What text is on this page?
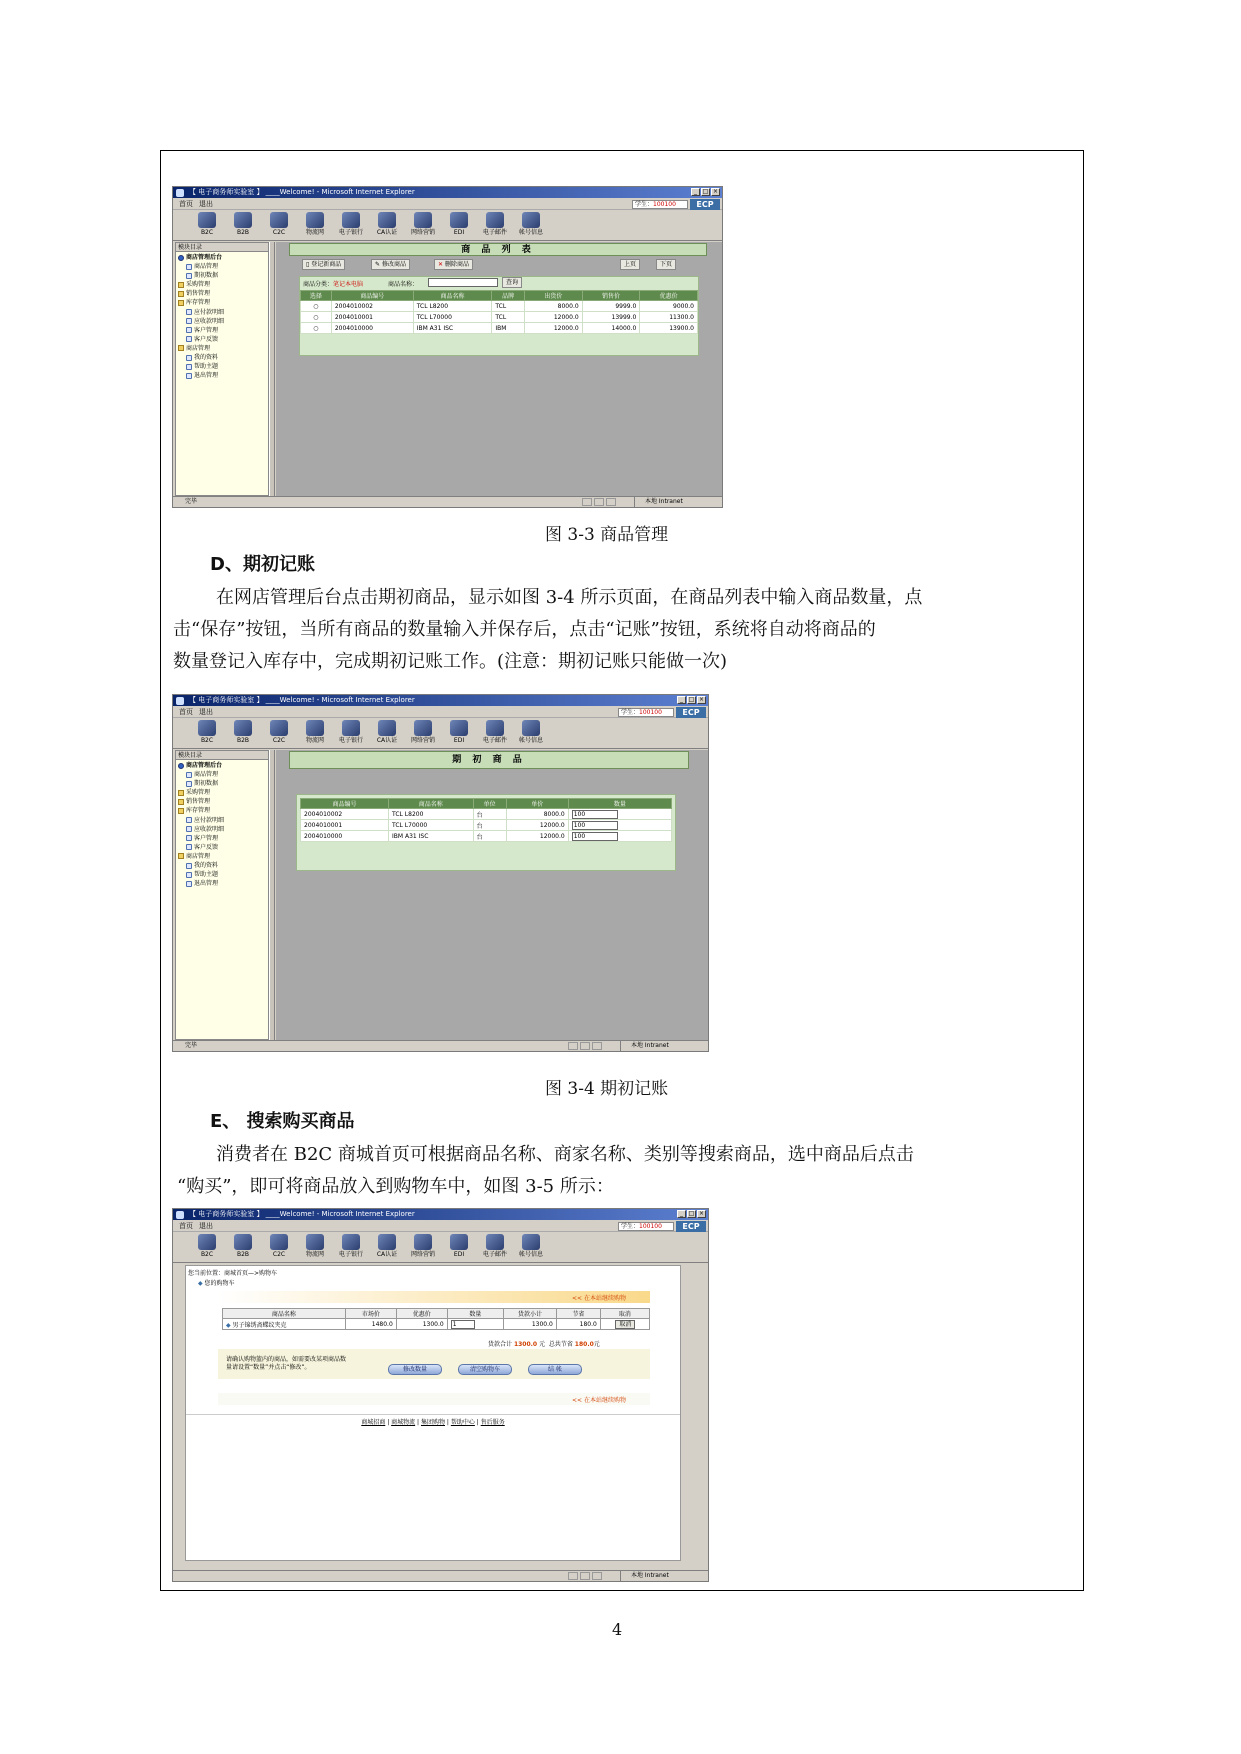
【 电子商务师实验室 】 ____Welcome! - Microsoft Internet Explorer	_ □ ×
首页 退出	学生：100100	ECP
B2C	B2B	C2C	物流网	电子银行	CA认证	网络营销	EDI	电子邮件	帐号信息
模块目录
商店管理后台
商品管理
期初数据
采购管理
销售管理
库存管理
应付款明细
应收款明细
客户管理
客户反馈
商店管理
我的资料
帮助主题
退出管理
商 品 列 表
▯ 登记新商品	✎ 修改商品	✕ 删除商品	上页	下页
商品分类：笔记本电脑	商品名称：	查询
选择	商品编号	商品名称	品牌	出货价	销售价	优惠价
○	2004010002	TCL L8200	TCL	8000.0	9999.0	9000.0
○	2004010001	TCL L70000	TCL	12000.0	13999.0	11300.0
○	2004010000	IBM A31 ISC	IBM	12000.0	14000.0	13900.0
完毕	本地 Intranet
图 3-3 商品管理
D、期初记账
在网店管理后台点击期初商品，显示如图 3-4 所示页面，在商品列表中输入商品数量，点
击“保存”按钮，当所有商品的数量输入并保存后，点击“记账”按钮，系统将自动将商品的
数量登记入库存中，完成期初记账工作。(注意：期初记账只能做一次)
【 电子商务师实验室 】 ____Welcome! - Microsoft Internet Explorer	_ □ ×
首页 退出	学生：100100	ECP
B2C	B2B	C2C	物流网	电子银行	CA认证	网络营销	EDI	电子邮件	帐号信息
模块目录
商店管理后台
商品管理
期初数据
采购管理
销售管理
库存管理
应付款明细
应收款明细
客户管理
客户反馈
商店管理
我的资料
帮助主题
退出管理
期 初 商 品
商品编号	商品名称	单位	单价	数量
2004010002	TCL L8200	台	8000.0	100
2004010001	TCL L70000	台	12000.0	100
2004010000	IBM A31 ISC	台	12000.0	100
完毕	本地 Intranet
图 3-4 期初记账
E、 搜索购买商品
消费者在 B2C 商城首页可根据商品名称、商家名称、类别等搜索商品，选中商品后点击
“购买”，即可将商品放入到购物车中，如图 3-5 所示：
【 电子商务师实验室 】 ____Welcome! - Microsoft Internet Explorer	_ □ ×
首页 退出	学生：100100	ECP
B2C	B2B	C2C	物流网	电子银行	CA认证	网络营销	EDI	电子邮件	帐号信息
您当前位置：商城首页—>购物车
◆ 您的购物车
<< 在本站继续购物
商品名称	市场价	优惠价	数量	货款小计	节省	取消
◆ 男子锦绣斋蝶纹夹克	1480.0	1300.0	1	1300.0	180.0	取消
货款合计 1300.0 元 总共节省 180.0元
请确认购物篮内的商品，如需要改某项商品数
量请设置“数量”并点击“修改”。	修改数量	清空购物车	结 帐
<< 在本站继续购物
商城招商 | 商城物流 | 集团购物 | 帮助中心 | 售后服务
本地 Intranet
4
